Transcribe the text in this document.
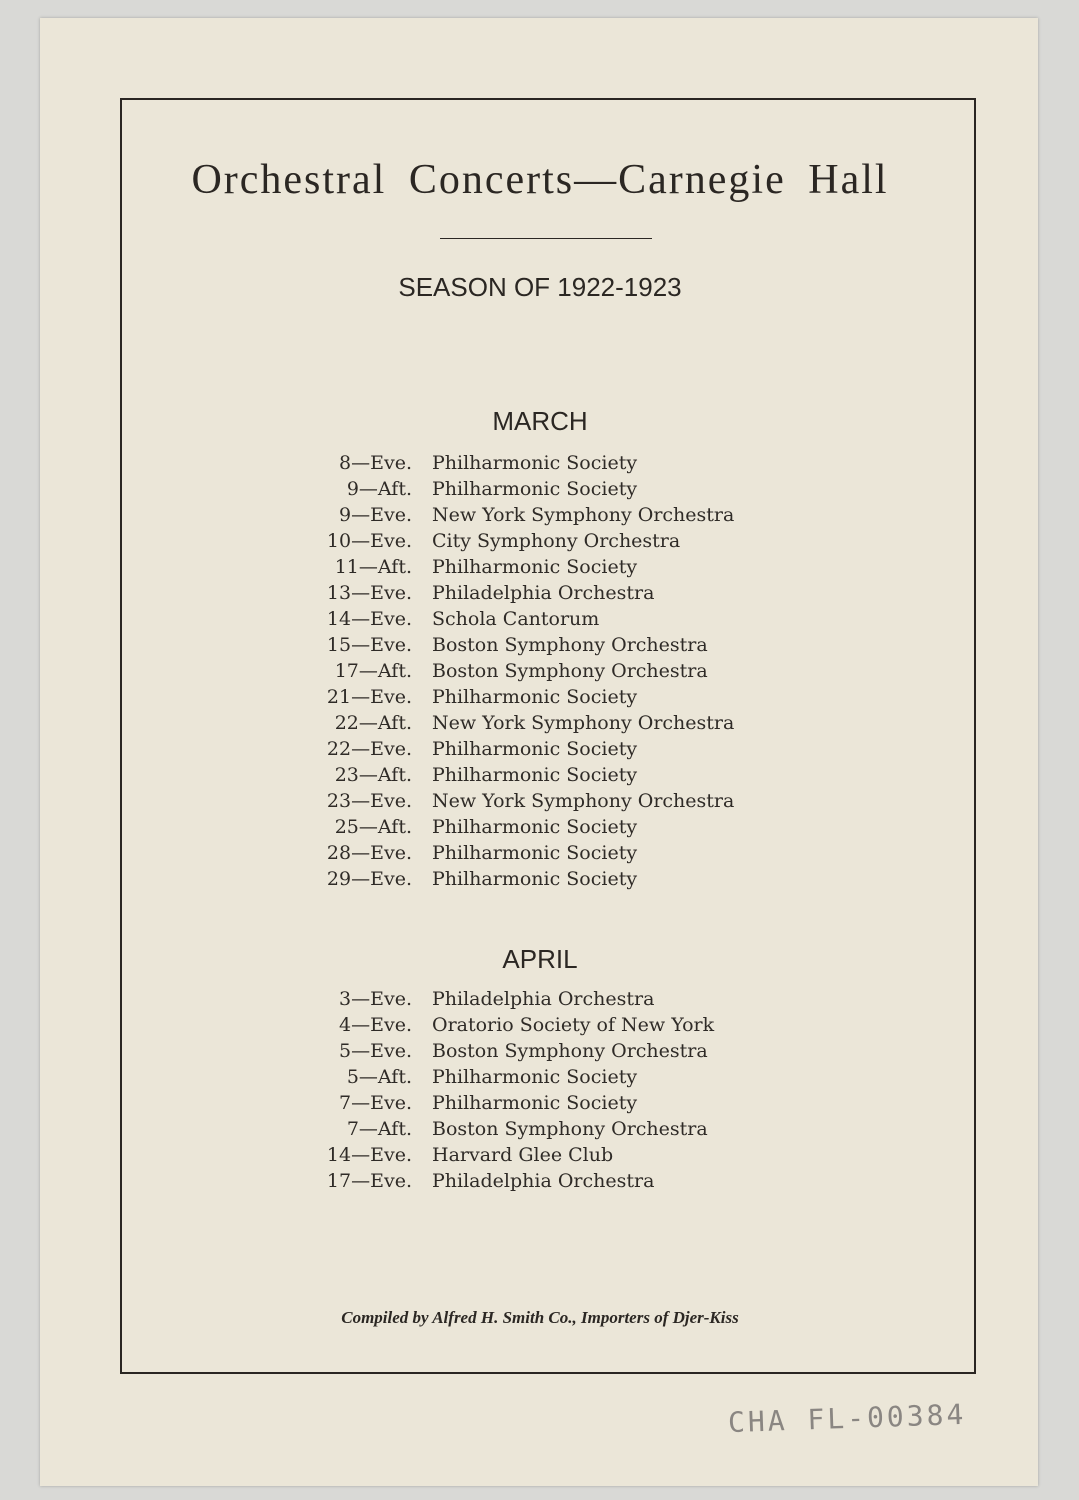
Orchestral Concerts—Carnegie Hall
SEASON OF 1922-1923
MARCH
8—Eve. Philharmonic Society
9—Aft. Philharmonic Society
9—Eve. New York Symphony Orchestra
10—Eve. City Symphony Orchestra
11—Aft. Philharmonic Society
13—Eve. Philadelphia Orchestra
14—Eve. Schola Cantorum
15—Eve. Boston Symphony Orchestra
17—Aft. Boston Symphony Orchestra
21—Eve. Philharmonic Society
22—Aft. New York Symphony Orchestra
22—Eve. Philharmonic Society
23—Aft. Philharmonic Society
23—Eve. New York Symphony Orchestra
25—Aft. Philharmonic Society
28—Eve. Philharmonic Society
29—Eve. Philharmonic Society
APRIL
3—Eve. Philadelphia Orchestra
4—Eve. Oratorio Society of New York
5—Eve. Boston Symphony Orchestra
5—Aft. Philharmonic Society
7—Eve. Philharmonic Society
7—Aft. Boston Symphony Orchestra
14—Eve. Harvard Glee Club
17—Eve. Philadelphia Orchestra
Compiled by Alfred H. Smith Co., Importers of Djer-Kiss
CHA FL-00384
